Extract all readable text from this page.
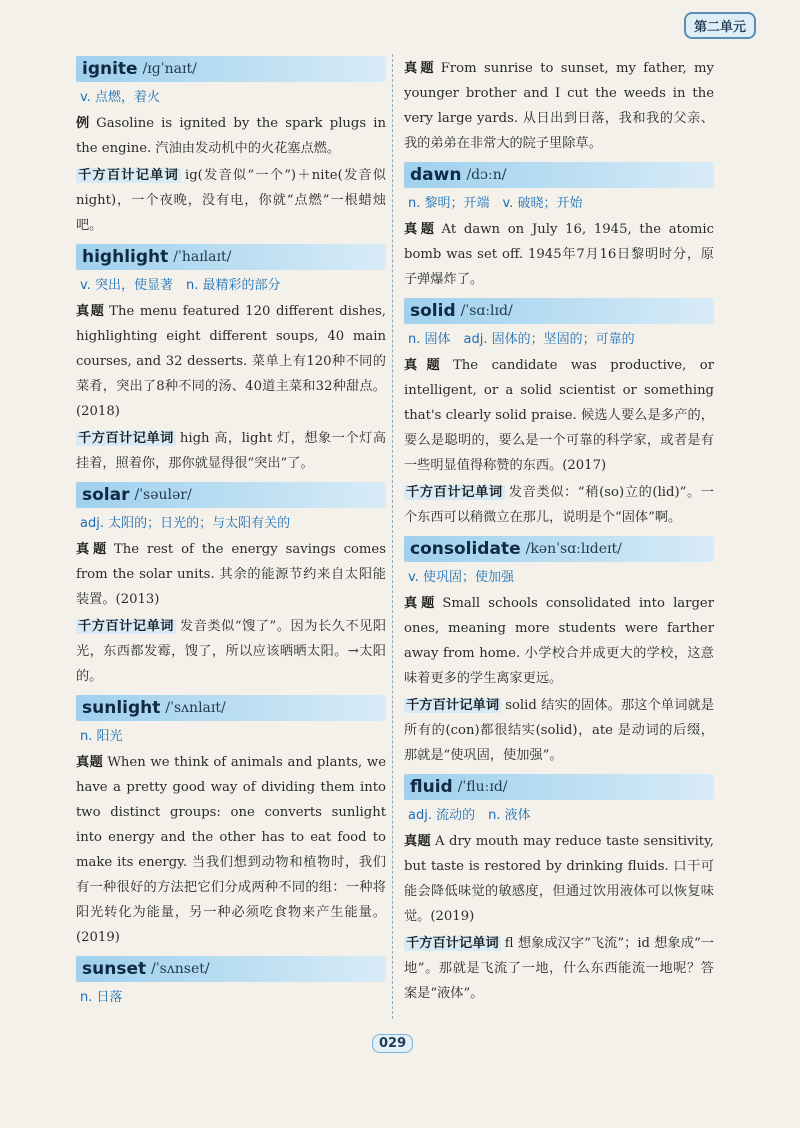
第二单元
ignite /ɪɡˈnaɪt/
v. 点燃，着火
例 Gasoline is ignited by the spark plugs in the engine. 汽油由发动机中的火花塞点燃。
千方百计记单词 ig(发音似“一个”)＋nite(发音似 night)，一个夜晚，没有电，你就“点燃”一根蜡烛吧。
highlight /ˈhaɪlaɪt/
v. 突出，使显著　n. 最精彩的部分
真题 The menu featured 120 different dishes, highlighting eight different soups, 40 main courses, and 32 desserts. 菜单上有120种不同的菜肴，突出了8种不同的汤、40道主菜和32种甜点。(2018)
千方百计记单词 high 高，light 灯，想象一个灯高挂着，照着你，那你就显得很“突出”了。
solar /ˈsəulər/
adj. 太阳的；日光的；与太阳有关的
真题 The rest of the energy savings comes from the solar units. 其余的能源节约来自太阳能装置。(2013)
千方百计记单词 发音类似“馊了”。因为长久不见阳光，东西都发霉，馊了，所以应该晒晒太阳。→太阳的。
sunlight /ˈsʌnlaɪt/
n. 阳光
真题 When we think of animals and plants, we have a pretty good way of dividing them into two distinct groups: one converts sunlight into energy and the other has to eat food to make its energy. 当我们想到动物和植物时，我们有一种很好的方法把它们分成两种不同的组：一种将阳光转化为能量，另一种必须吃食物来产生能量。(2019)
sunset /ˈsʌnset/
n. 日落
真题 From sunrise to sunset, my father, my younger brother and I cut the weeds in the very large yards. 从日出到日落，我和我的父亲、我的弟弟在非常大的院子里除草。
dawn /dɔːn/
n. 黎明；开端　v. 破晓；开始
真题 At dawn on July 16, 1945, the atomic bomb was set off. 1945年7月16日黎明时分，原子弹爆炸了。
solid /ˈsɑːlɪd/
n. 固体　adj. 固体的；坚固的；可靠的
真题 The candidate was productive, or intelligent, or a solid scientist or something that's clearly solid praise. 候选人要么是多产的，要么是聪明的，要么是一个可靠的科学家，或者是有一些明显值得称赞的东西。(2017)
千方百计记单词 发音类似：“稍(so)立的(lid)”。一个东西可以稍微立在那儿，说明是个“固体”啊。
consolidate /kənˈsɑːlɪdeɪt/
v. 使巩固；使加强
真题 Small schools consolidated into larger ones, meaning more students were farther away from home. 小学校合并成更大的学校，这意味着更多的学生离家更远。
千方百计记单词 solid 结实的固体。那这个单词就是所有的(con)都很结实(solid)，ate 是动词的后缀，那就是“使巩固，使加强”。
fluid /ˈfluːɪd/
adj. 流动的　n. 液体
真题 A dry mouth may reduce taste sensitivity, but taste is restored by drinking fluids. 口干可能会降低味觉的敏感度，但通过饮用液体可以恢复味觉。(2019)
千方百计记单词 fl 想象成汉字“飞流”；id 想象成“一地”。那就是飞流了一地，什么东西能流一地呢？答案是“液体”。
029
